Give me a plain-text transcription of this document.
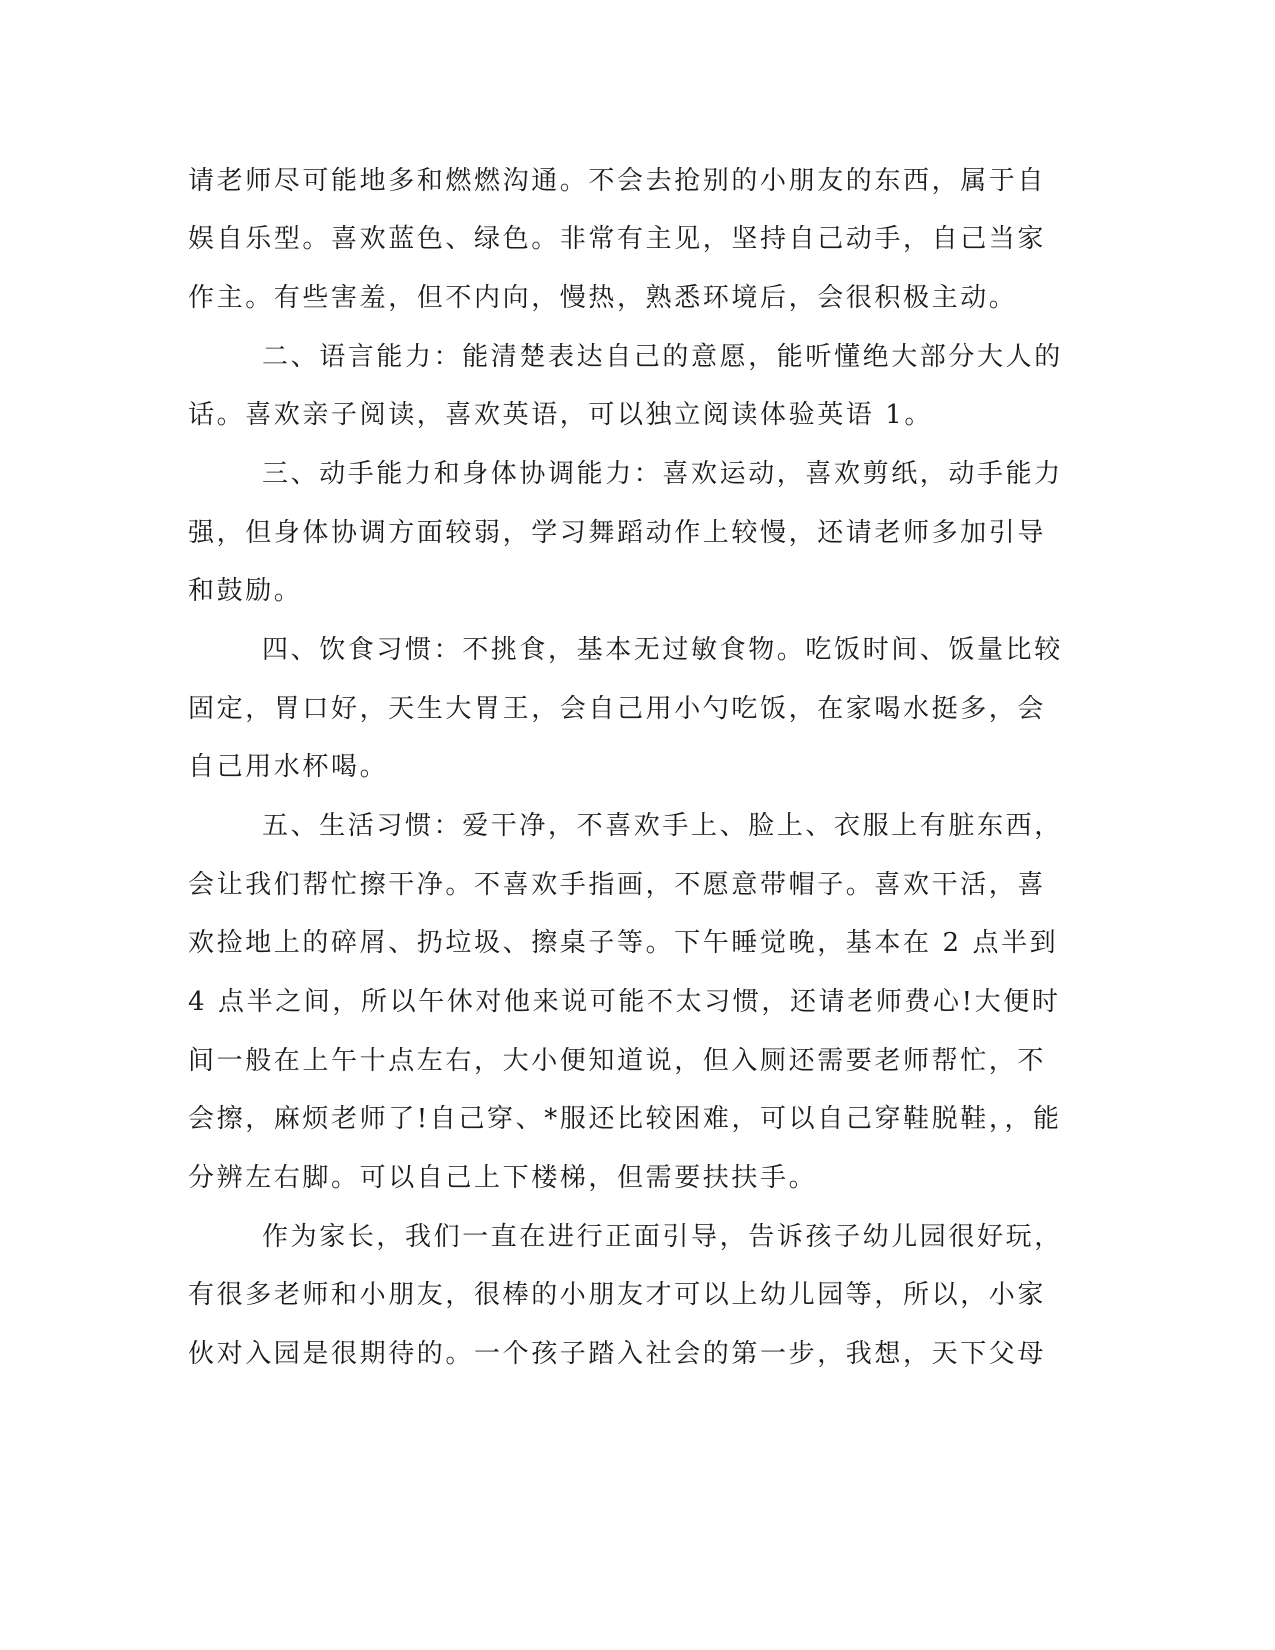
请老师尽可能地多和燃燃沟通。不会去抢别的小朋友的东西，属于自
娱自乐型。喜欢蓝色、绿色。非常有主见，坚持自己动手，自己当家
作主。有些害羞，但不内向，慢热，熟悉环境后，会很积极主动。
二、语言能力：能清楚表达自己的意愿，能听懂绝大部分大人的
话。喜欢亲子阅读，喜欢英语，可以独立阅读体验英语 1。
三、动手能力和身体协调能力：喜欢运动，喜欢剪纸，动手能力
强，但身体协调方面较弱，学习舞蹈动作上较慢，还请老师多加引导
和鼓励。
四、饮食习惯：不挑食，基本无过敏食物。吃饭时间、饭量比较
固定，胃口好，天生大胃王，会自己用小勺吃饭，在家喝水挺多，会
自己用水杯喝。
五、生活习惯：爱干净，不喜欢手上、脸上、衣服上有脏东西，
会让我们帮忙擦干净。不喜欢手指画，不愿意带帽子。喜欢干活，喜
欢捡地上的碎屑、扔垃圾、擦桌子等。下午睡觉晚，基本在 2 点半到
4 点半之间，所以午休对他来说可能不太习惯，还请老师费心!大便时
间一般在上午十点左右，大小便知道说，但入厕还需要老师帮忙，不
会擦，麻烦老师了!自己穿、*服还比较困难，可以自己穿鞋脱鞋，，能
分辨左右脚。可以自己上下楼梯，但需要扶扶手。
作为家长，我们一直在进行正面引导，告诉孩子幼儿园很好玩，
有很多老师和小朋友，很棒的小朋友才可以上幼儿园等，所以，小家
伙对入园是很期待的。一个孩子踏入社会的第一步，我想，天下父母
